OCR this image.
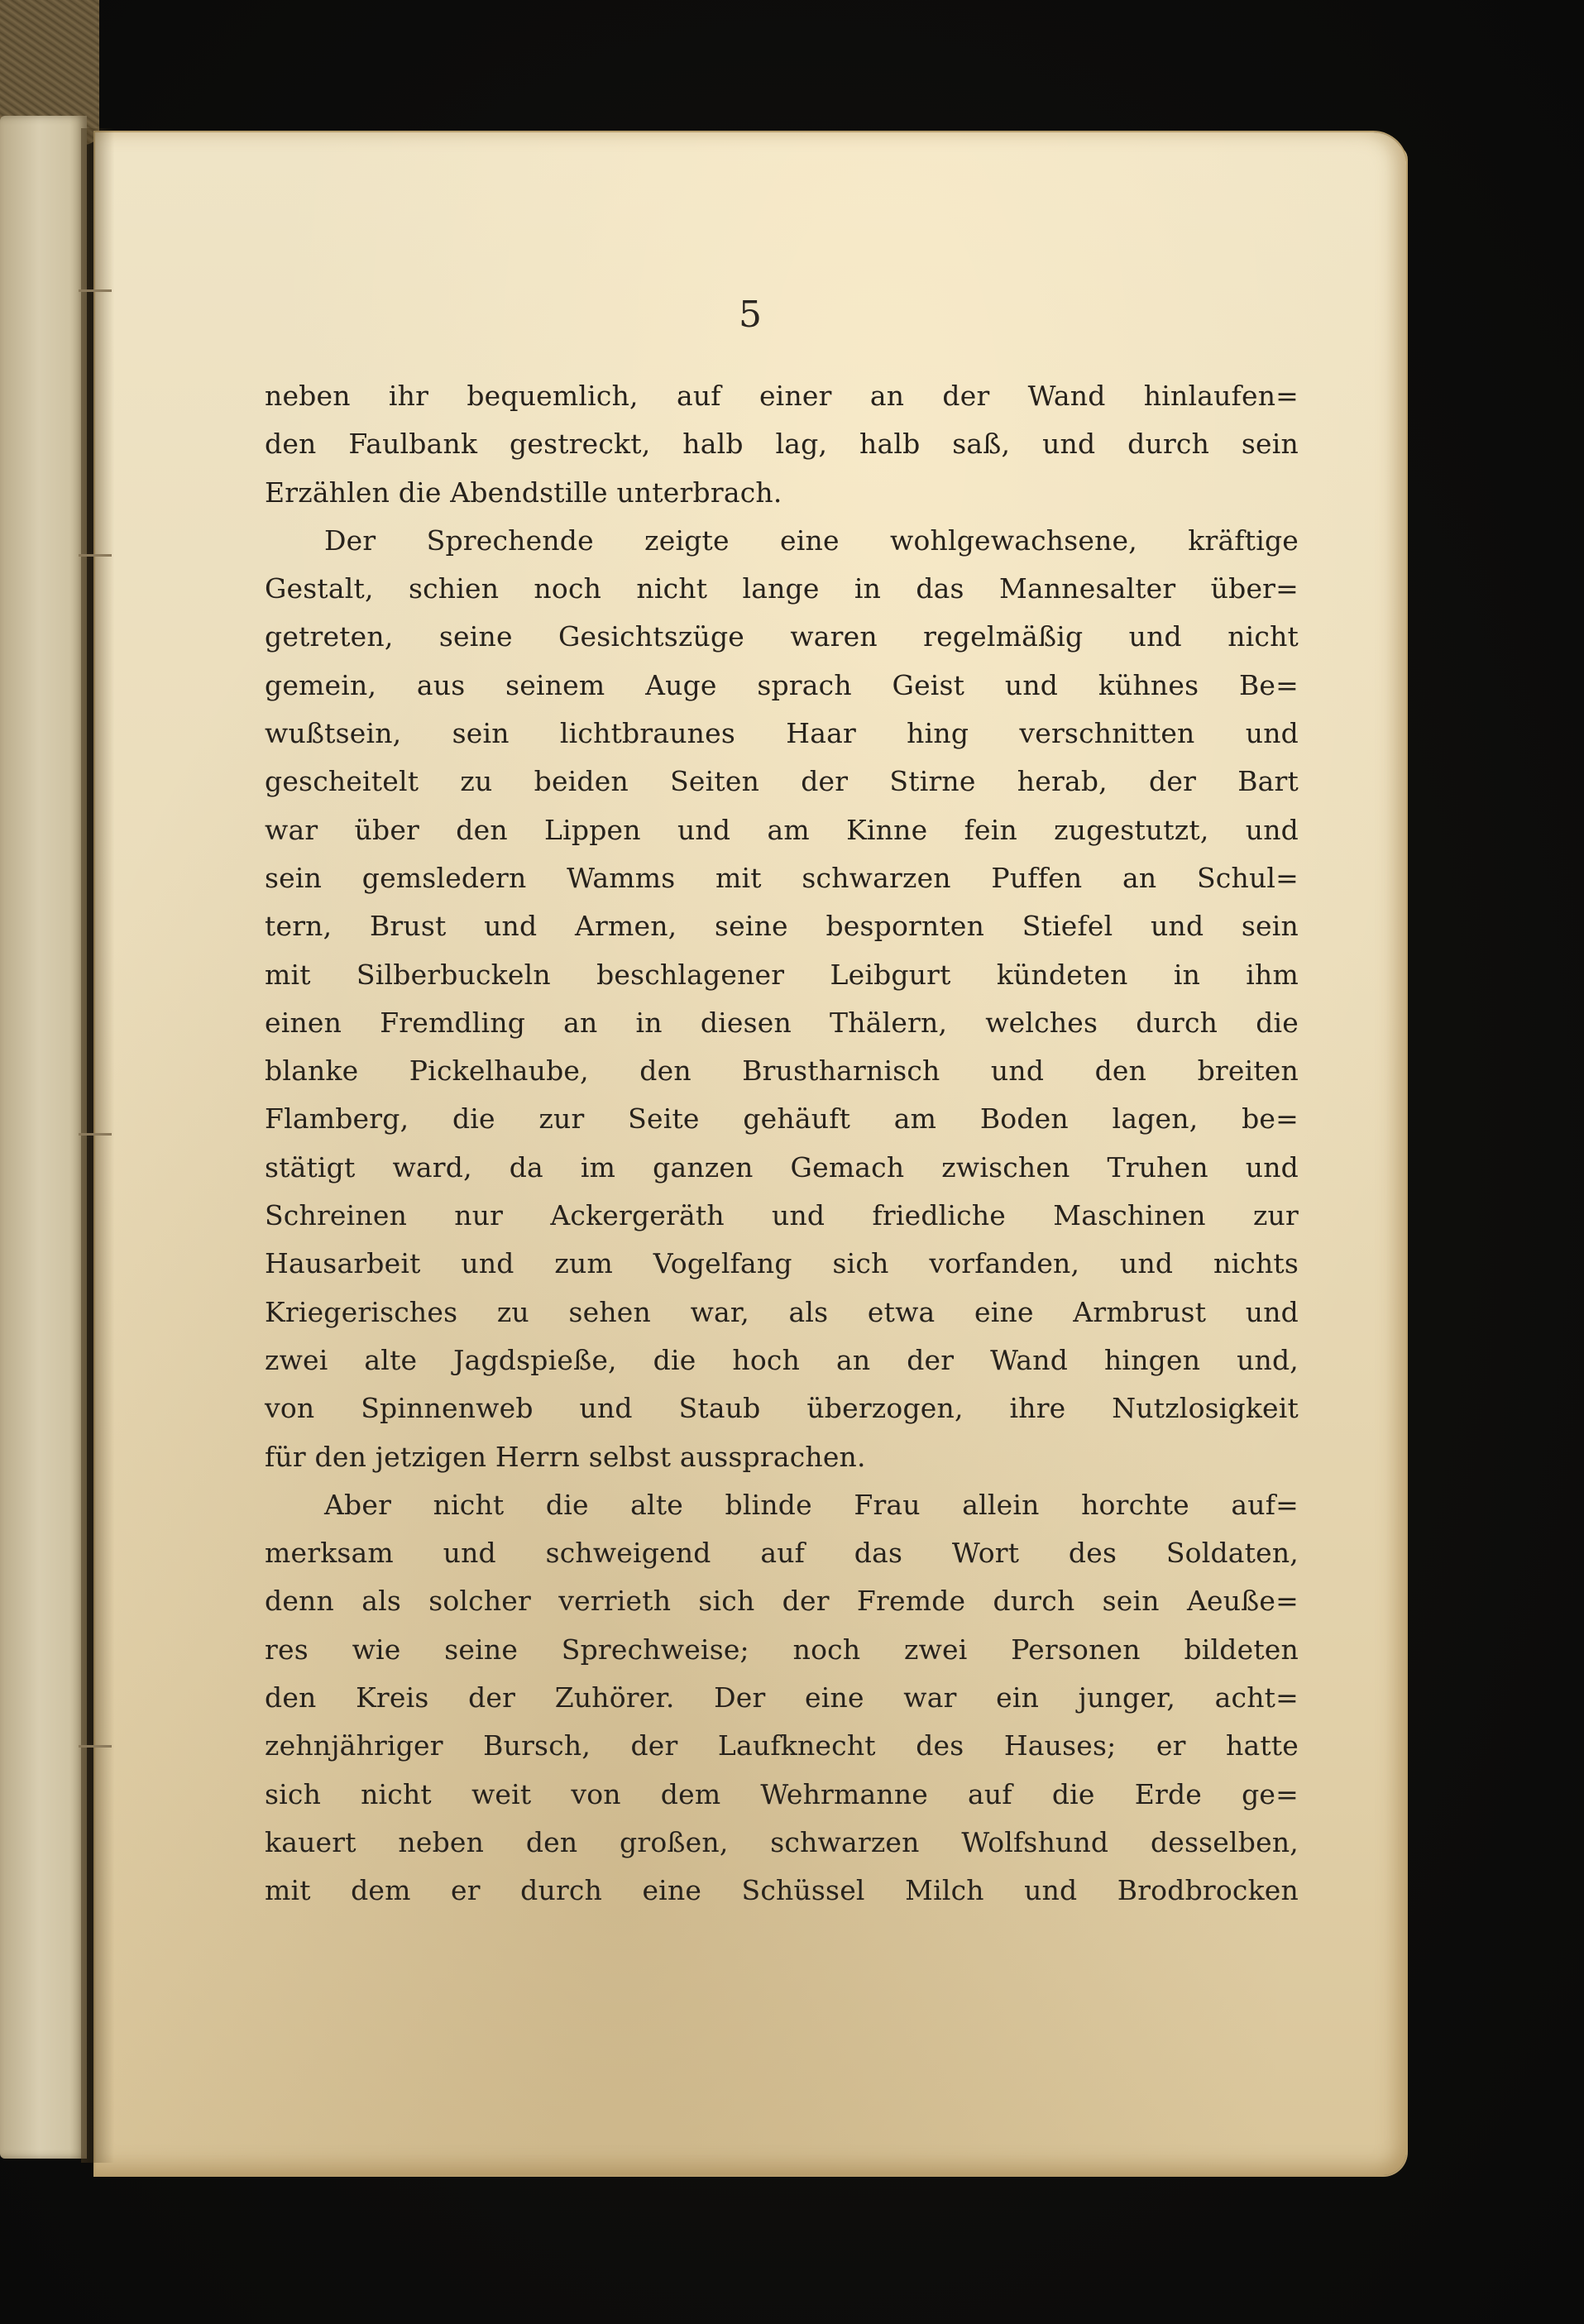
5
neben ihr bequemlich, auf einer an der Wand hinlaufen=
den Faulbank gestreckt, halb lag, halb saß, und durch sein
Erzählen die Abendstille unterbrach.
Der Sprechende zeigte eine wohlgewachsene, kräftige
Gestalt, schien noch nicht lange in das Mannesalter über=
getreten, seine Gesichtszüge waren regelmäßig und nicht
gemein, aus seinem Auge sprach Geist und kühnes Be=
wußtsein, sein lichtbraunes Haar hing verschnitten und
gescheitelt zu beiden Seiten der Stirne herab, der Bart
war über den Lippen und am Kinne fein zugestutzt, und
sein gemsledern Wamms mit schwarzen Puffen an Schul=
tern, Brust und Armen, seine bespornten Stiefel und sein
mit Silberbuckeln beschlagener Leibgurt kündeten in ihm
einen Fremdling an in diesen Thälern, welches durch die
blanke Pickelhaube, den Brustharnisch und den breiten
Flamberg, die zur Seite gehäuft am Boden lagen, be=
stätigt ward, da im ganzen Gemach zwischen Truhen und
Schreinen nur Ackergeräth und friedliche Maschinen zur
Hausarbeit und zum Vogelfang sich vorfanden, und nichts
Kriegerisches zu sehen war, als etwa eine Armbrust und
zwei alte Jagdspieße, die hoch an der Wand hingen und,
von Spinnenweb und Staub überzogen, ihre Nutzlosigkeit
für den jetzigen Herrn selbst aussprachen.
Aber nicht die alte blinde Frau allein horchte auf=
merksam und schweigend auf das Wort des Soldaten,
denn als solcher verrieth sich der Fremde durch sein Aeuße=
res wie seine Sprechweise; noch zwei Personen bildeten
den Kreis der Zuhörer. Der eine war ein junger, acht=
zehnjähriger Bursch, der Laufknecht des Hauses; er hatte
sich nicht weit von dem Wehrmanne auf die Erde ge=
kauert neben den großen, schwarzen Wolfshund desselben,
mit dem er durch eine Schüssel Milch und Brodbrocken
